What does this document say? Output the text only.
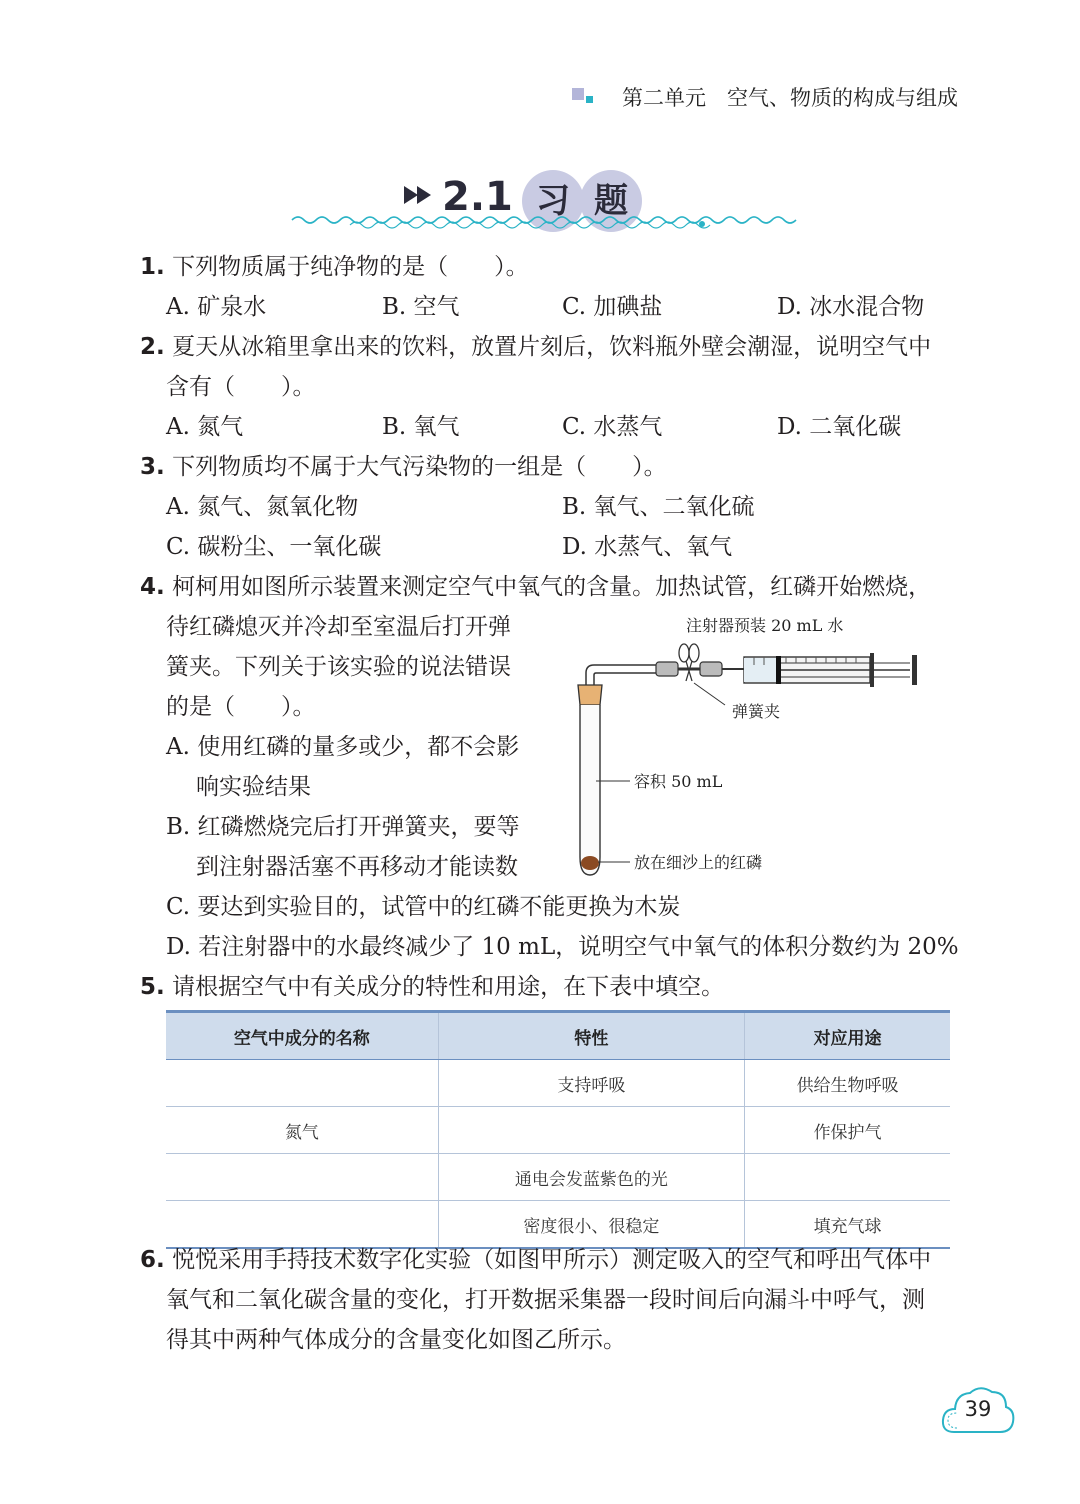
第二单元　空气、物质的构成与组成
2.1 习 题
1. 下列物质属于纯净物的是（　　）。
A. 矿泉水	B. 空气	C. 加碘盐	D. 冰水混合物
2. 夏天从冰箱里拿出来的饮料，放置片刻后，饮料瓶外壁会潮湿，说明空气中
含有（　　）。
A. 氮气	B. 氧气	C. 水蒸气	D. 二氧化碳
3. 下列物质均不属于大气污染物的一组是（　　）。
A. 氮气、氮氧化物	B. 氧气、二氧化硫
C. 碳粉尘、一氧化碳	D. 水蒸气、氧气
4. 柯柯用如图所示装置来测定空气中氧气的含量。加热试管，红磷开始燃烧，
待红磷熄灭并冷却至室温后打开弹
簧夹。下列关于该实验的说法错误
的是（　　）。
A. 使用红磷的量多或少，都不会影
响实验结果
B. 红磷燃烧完后打开弹簧夹，要等
到注射器活塞不再移动才能读数
C. 要达到实验目的，试管中的红磷不能更换为木炭
D. 若注射器中的水最终减少了 10 mL，说明空气中氧气的体积分数约为 20%
注射器预装 20 mL 水
弹簧夹
容积 50 mL
放在细沙上的红磷
5. 请根据空气中有关成分的特性和用途，在下表中填空。
空气中成分的名称	特性	对应用途
	支持呼吸	供给生物呼吸
氮气		作保护气
	通电会发蓝紫色的光	
	密度很小、很稳定	填充气球
6. 悦悦采用手持技术数字化实验（如图甲所示）测定吸入的空气和呼出气体中
氧气和二氧化碳含量的变化，打开数据采集器一段时间后向漏斗中呼气，测
得其中两种气体成分的含量变化如图乙所示。
39
